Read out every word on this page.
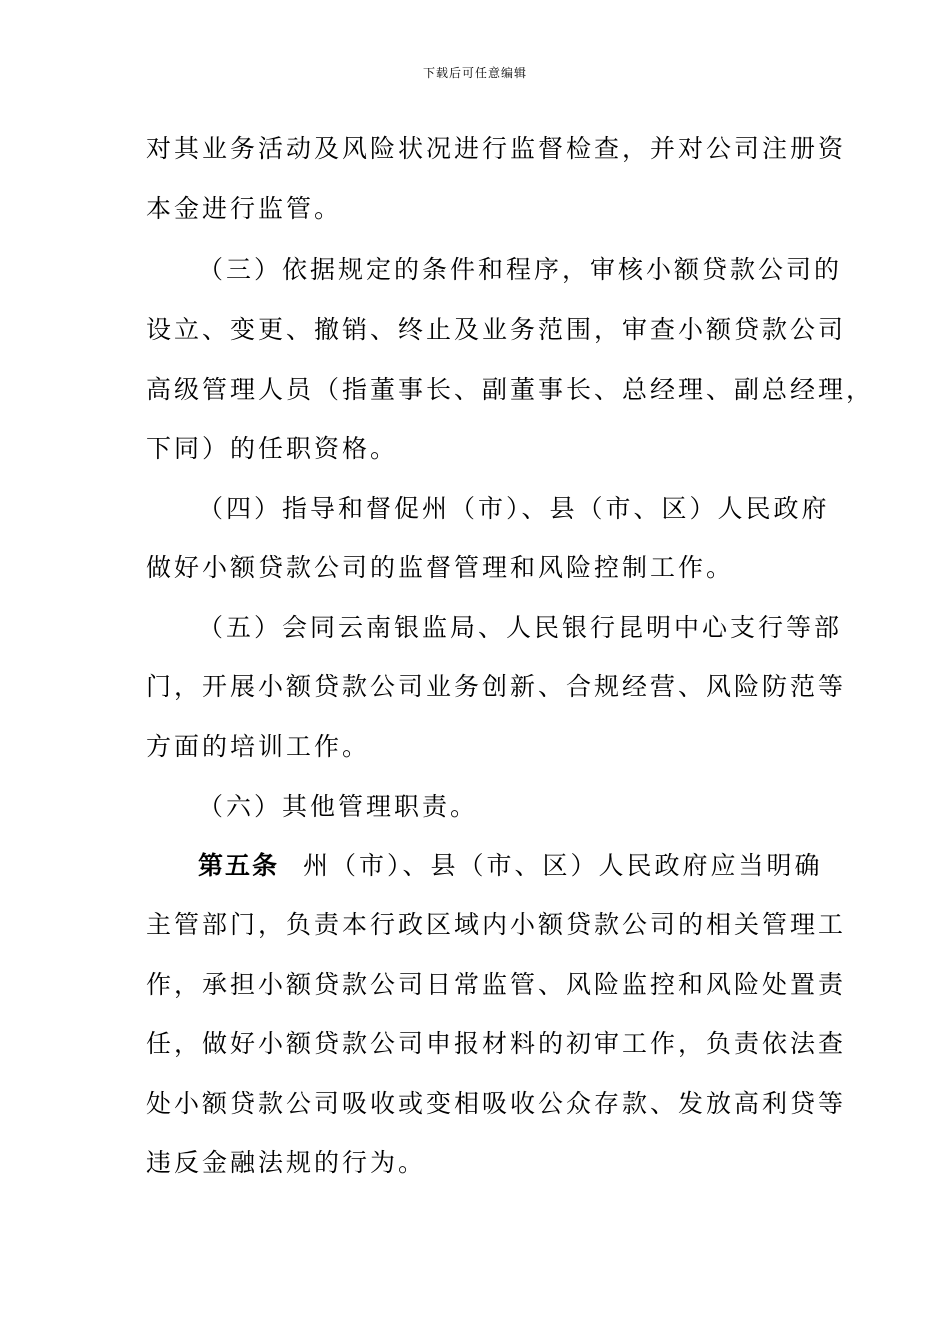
下载后可任意编辑
对其业务活动及风险状况进行监督检查，并对公司注册资
本金进行监管。
（三）依据规定的条件和程序，审核小额贷款公司的
设立、变更、撤销、终止及业务范围，审查小额贷款公司
高级管理人员（指董事长、副董事长、总经理、副总经理，
下同）的任职资格。
（四）指导和督促州（市）、县（市、区）人民政府
做好小额贷款公司的监督管理和风险控制工作。
（五）会同云南银监局、人民银行昆明中心支行等部
门，开展小额贷款公司业务创新、合规经营、风险防范等
方面的培训工作。
（六）其他管理职责。
第五条 州（市）、县（市、区）人民政府应当明确
主管部门，负责本行政区域内小额贷款公司的相关管理工
作，承担小额贷款公司日常监管、风险监控和风险处置责
任，做好小额贷款公司申报材料的初审工作，负责依法查
处小额贷款公司吸收或变相吸收公众存款、发放高利贷等
违反金融法规的行为。
